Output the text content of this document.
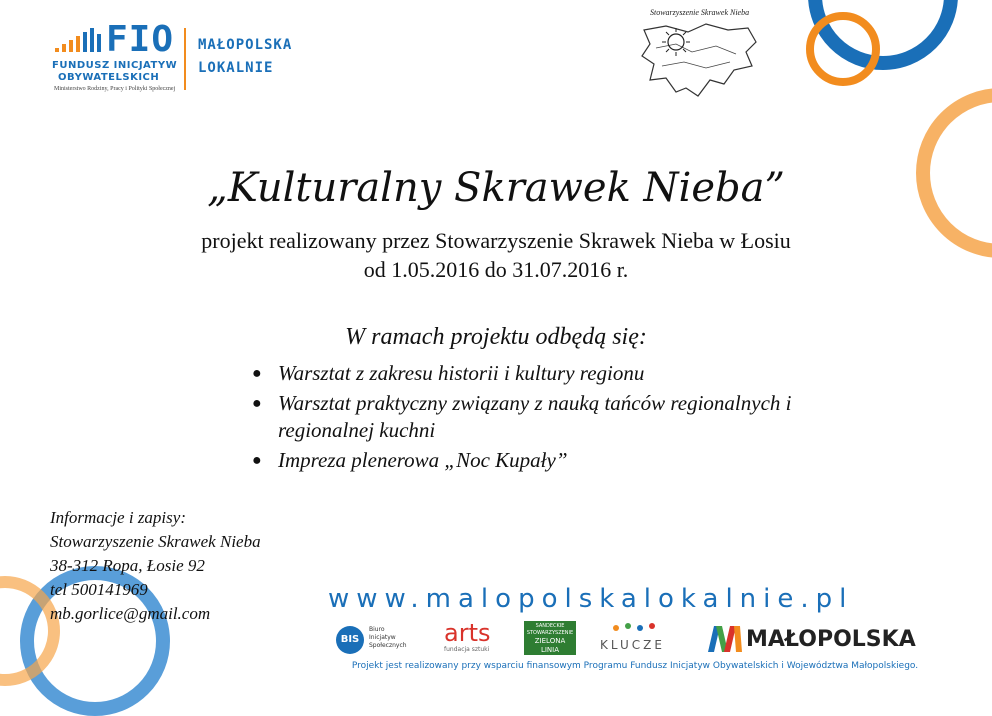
FIO
FUNDUSZ INICJATYW
OBYWATELSKICH
Ministerstwo Rodziny, Pracy i Polityki Społecznej
MAŁOPOLSKA
LOKALNIE
Stowarzyszenie Skrawek Nieba
„Kulturalny Skrawek Nieba”
projekt realizowany przez Stowarzyszenie Skrawek Nieba w Łosiu
od 1.05.2016 do 31.07.2016 r.
W ramach projektu odbędą się:
● Warsztat z zakresu historii i kultury regionu
● Warsztat praktyczny związany z nauką tańców regionalnych i regionalnej kuchni
● Impreza plenerowa „Noc Kupały”
Informacje i zapisy:
Stowarzyszenie Skrawek Nieba
38-312 Ropa, Łosie 92
tel 500141969
mb.gorlice@gmail.com	www.malopolskalokalnie.pl
BIS
Biuro
Inicjatyw
Społecznych arts
fundacja sztuki
SANDECKIE
STOWARZYSZENIE
ZIELONA
LINIA	KLUCZE	MAŁOPOLSKA
Projekt jest realizowany przy wsparciu finansowym Programu Fundusz Inicjatyw Obywatelskich i Województwa Małopolskiego.
